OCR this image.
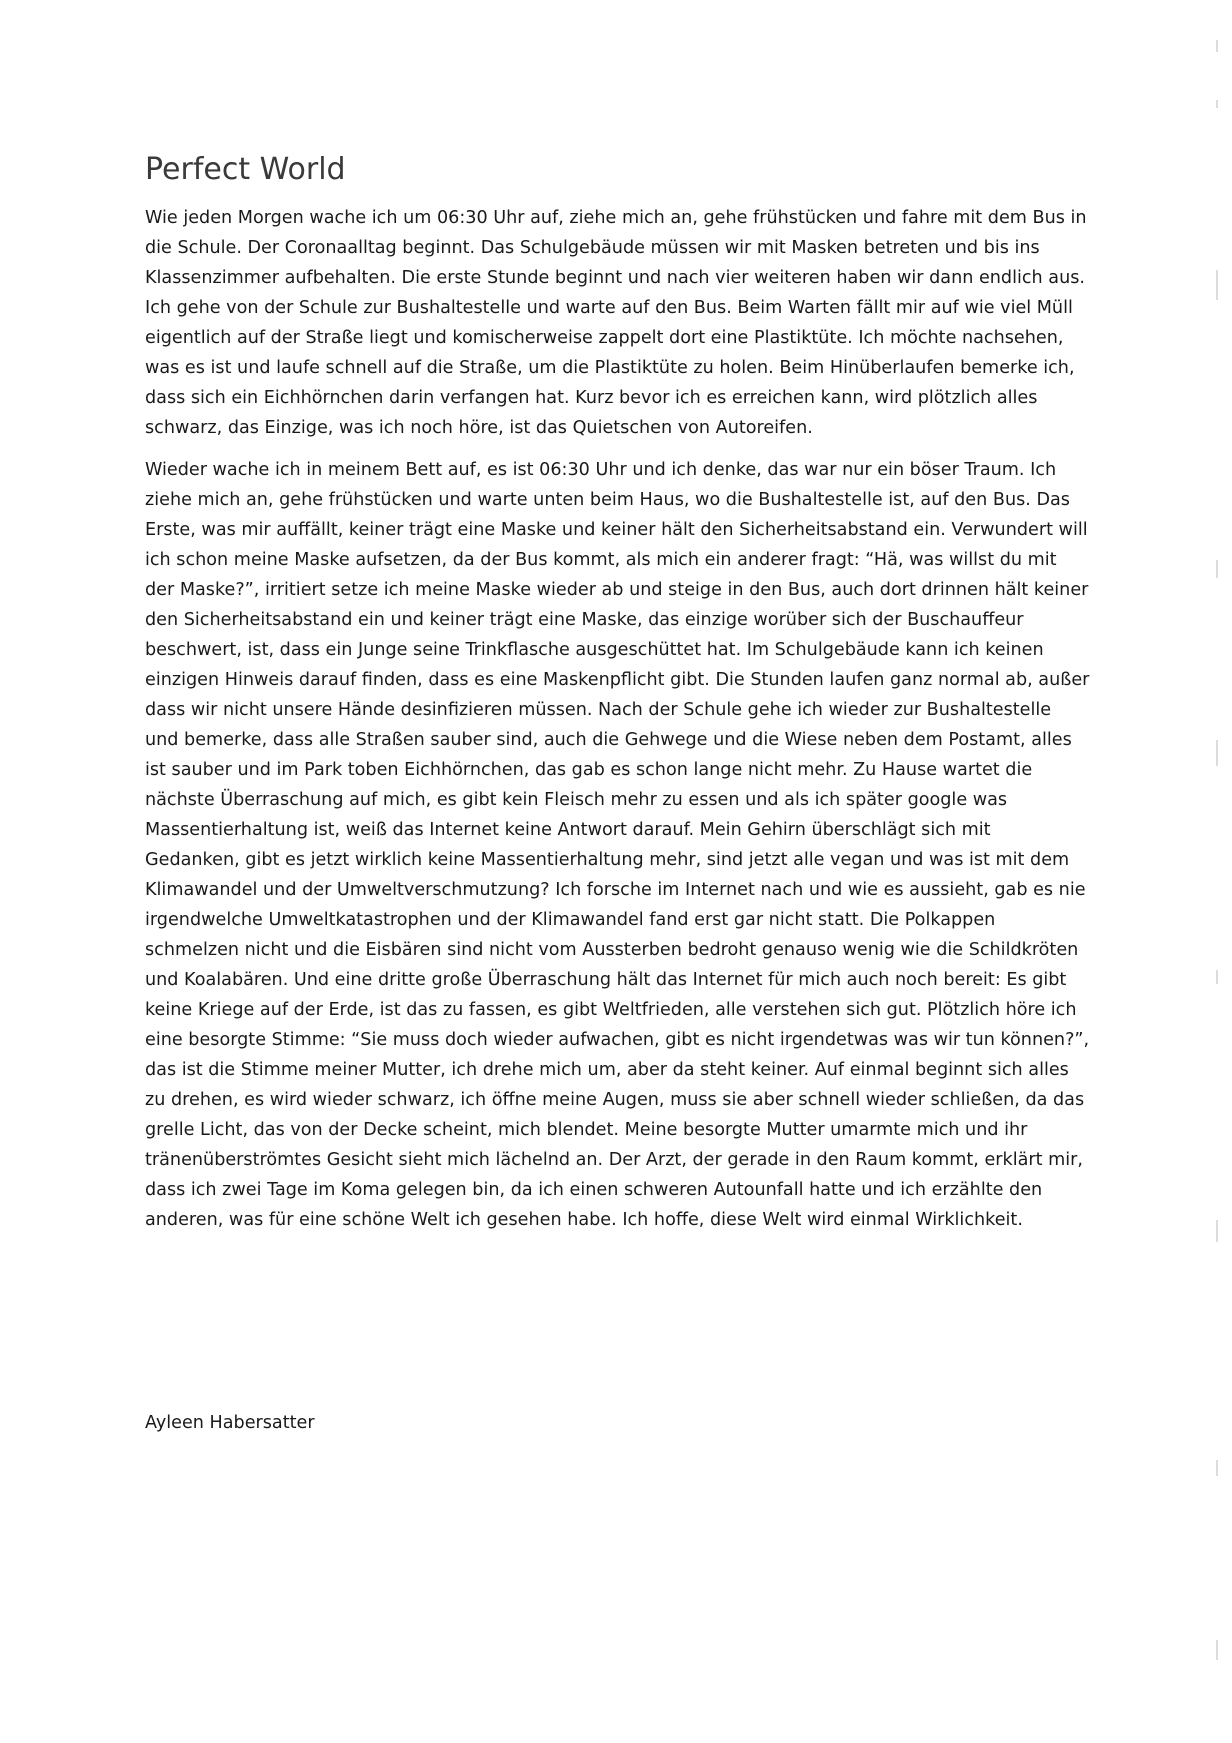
Perfect World

Wie jeden Morgen wache ich um 06:30 Uhr auf, ziehe mich an, gehe frühstücken und fahre mit dem Bus in die Schule. Der Coronaalltag beginnt. Das Schulgebäude müssen wir mit Masken betreten und bis ins Klassenzimmer aufbehalten. Die erste Stunde beginnt und nach vier weiteren haben wir dann endlich aus. Ich gehe von der Schule zur Bushaltestelle und warte auf den Bus. Beim Warten fällt mir auf wie viel Müll eigentlich auf der Straße liegt und komischerweise zappelt dort eine Plastiktüte. Ich möchte nachsehen, was es ist und laufe schnell auf die Straße, um die Plastiktüte zu holen. Beim Hinüberlaufen bemerke ich, dass sich ein Eichhörnchen darin verfangen hat. Kurz bevor ich es erreichen kann, wird plötzlich alles schwarz, das Einzige, was ich noch höre, ist das Quietschen von Autoreifen.

Wieder wache ich in meinem Bett auf, es ist 06:30 Uhr und ich denke, das war nur ein böser Traum. Ich ziehe mich an, gehe frühstücken und warte unten beim Haus, wo die Bushaltestelle ist, auf den Bus. Das Erste, was mir auffällt, keiner trägt eine Maske und keiner hält den Sicherheitsabstand ein. Verwundert will ich schon meine Maske aufsetzen, da der Bus kommt, als mich ein anderer fragt: “Hä, was willst du mit der Maske?”, irritiert setze ich meine Maske wieder ab und steige in den Bus, auch dort drinnen hält keiner den Sicherheitsabstand ein und keiner trägt eine Maske, das einzige worüber sich der Buschauffeur beschwert, ist, dass ein Junge seine Trinkflasche ausgeschüttet hat. Im Schulgebäude kann ich keinen einzigen Hinweis darauf finden, dass es eine Maskenpflicht gibt. Die Stunden laufen ganz normal ab, außer dass wir nicht unsere Hände desinfizieren müssen. Nach der Schule gehe ich wieder zur Bushaltestelle und bemerke, dass alle Straßen sauber sind, auch die Gehwege und die Wiese neben dem Postamt, alles ist sauber und im Park toben Eichhörnchen, das gab es schon lange nicht mehr. Zu Hause wartet die nächste Überraschung auf mich, es gibt kein Fleisch mehr zu essen und als ich später google was Massentierhaltung ist, weiß das Internet keine Antwort darauf. Mein Gehirn überschlägt sich mit Gedanken, gibt es jetzt wirklich keine Massentierhaltung mehr, sind jetzt alle vegan und was ist mit dem Klimawandel und der Umweltverschmutzung? Ich forsche im Internet nach und wie es aussieht, gab es nie irgendwelche Umweltkatastrophen und der Klimawandel fand erst gar nicht statt. Die Polkappen schmelzen nicht und die Eisbären sind nicht vom Aussterben bedroht genauso wenig wie die Schildkröten und Koalabären. Und eine dritte große Überraschung hält das Internet für mich auch noch bereit: Es gibt keine Kriege auf der Erde, ist das zu fassen, es gibt Weltfrieden, alle verstehen sich gut. Plötzlich höre ich eine besorgte Stimme: “Sie muss doch wieder aufwachen, gibt es nicht irgendetwas was wir tun können?”, das ist die Stimme meiner Mutter, ich drehe mich um, aber da steht keiner. Auf einmal beginnt sich alles zu drehen, es wird wieder schwarz, ich öffne meine Augen, muss sie aber schnell wieder schließen, da das grelle Licht, das von der Decke scheint, mich blendet. Meine besorgte Mutter umarmte mich und ihr tränenüberströmtes Gesicht sieht mich lächelnd an. Der Arzt, der gerade in den Raum kommt, erklärt mir, dass ich zwei Tage im Koma gelegen bin, da ich einen schweren Autounfall hatte und ich erzählte den anderen, was für eine schöne Welt ich gesehen habe. Ich hoffe, diese Welt wird einmal Wirklichkeit.

Ayleen Habersatter
